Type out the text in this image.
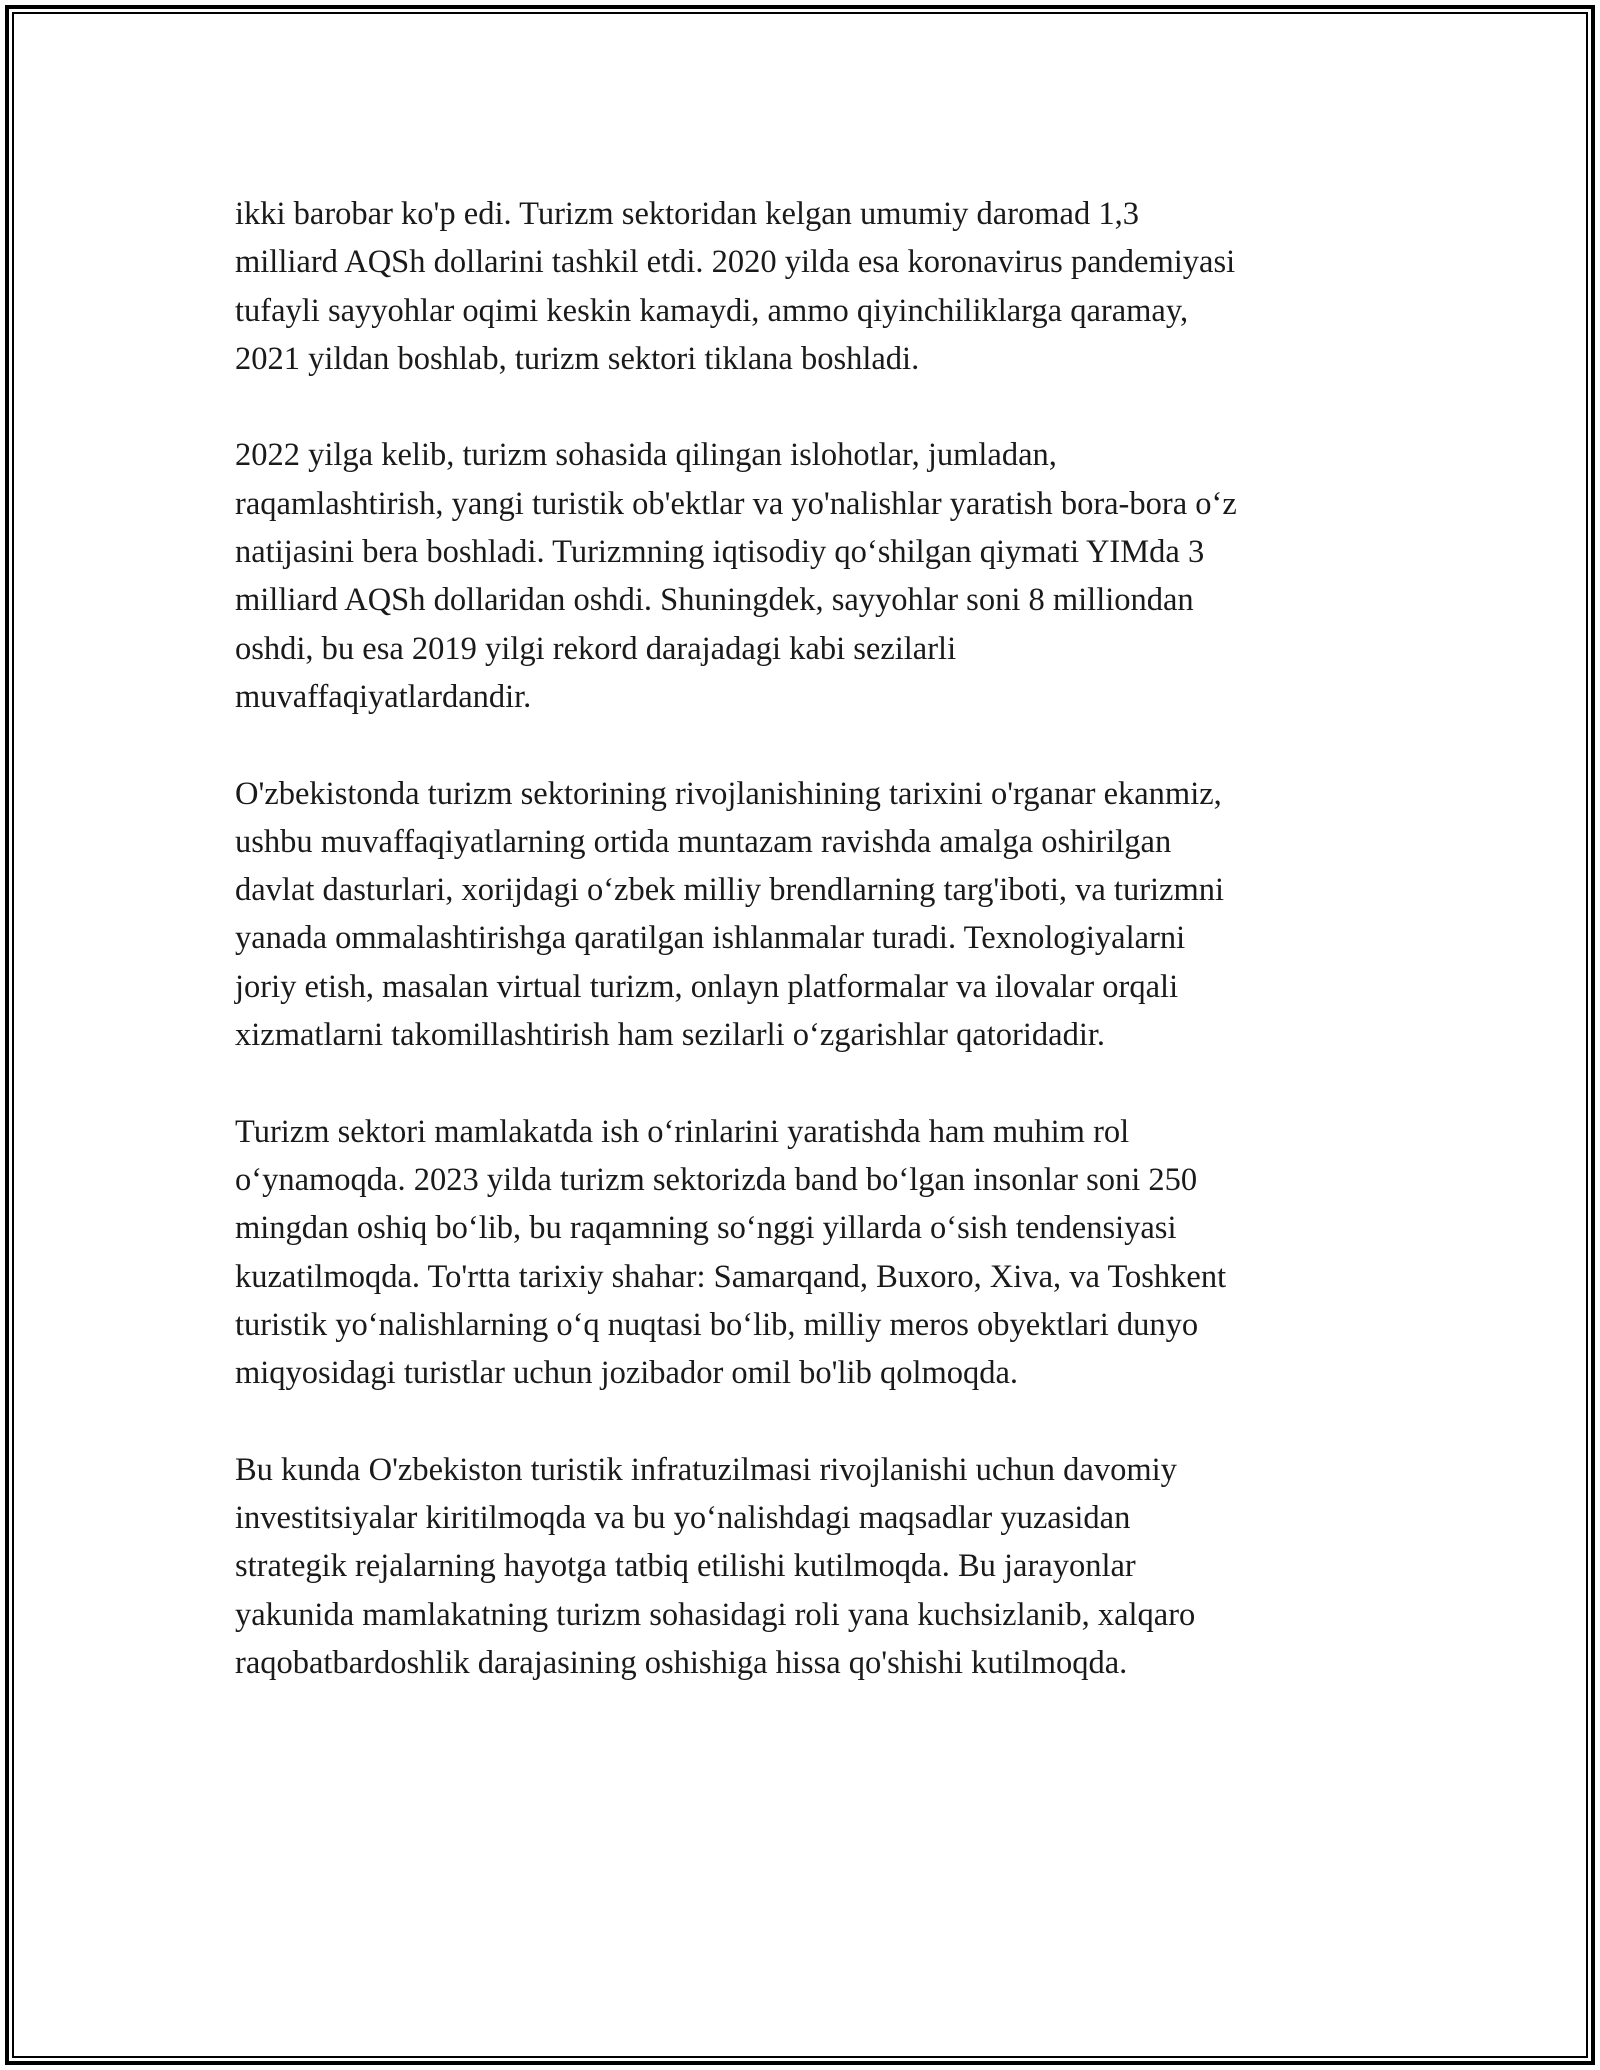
ikki barobar ko'p edi. Turizm sektoridan kelgan umumiy daromad 1,3
milliard AQSh dollarini tashkil etdi. 2020 yilda esa koronavirus pandemiyasi
tufayli sayyohlar oqimi keskin kamaydi, ammo qiyinchiliklarga qaramay,
2021 yildan boshlab, turizm sektori tiklana boshladi.

2022 yilga kelib, turizm sohasida qilingan islohotlar, jumladan,
raqamlashtirish, yangi turistik ob'ektlar va yo'nalishlar yaratish bora-bora o‘z
natijasini bera boshladi. Turizmning iqtisodiy qo‘shilgan qiymati YIMda 3
milliard AQSh dollaridan oshdi. Shuningdek, sayyohlar soni 8 milliondan
oshdi, bu esa 2019 yilgi rekord darajadagi kabi sezilarli
muvaffaqiyatlardandir.

O'zbekistonda turizm sektorining rivojlanishining tarixini o'rganar ekanmiz,
ushbu muvaffaqiyatlarning ortida muntazam ravishda amalga oshirilgan
davlat dasturlari, xorijdagi o‘zbek milliy brendlarning targ'iboti, va turizmni
yanada ommalashtirishga qaratilgan ishlanmalar turadi. Texnologiyalarni
joriy etish, masalan virtual turizm, onlayn platformalar va ilovalar orqali
xizmatlarni takomillashtirish ham sezilarli o‘zgarishlar qatoridadir.

Turizm sektori mamlakatda ish o‘rinlarini yaratishda ham muhim rol
o‘ynamoqda. 2023 yilda turizm sektorizda band bo‘lgan insonlar soni 250
mingdan oshiq bo‘lib, bu raqamning so‘nggi yillarda o‘sish tendensiyasi
kuzatilmoqda. To'rtta tarixiy shahar: Samarqand, Buxoro, Xiva, va Toshkent
turistik yo‘nalishlarning o‘q nuqtasi bo‘lib, milliy meros obyektlari dunyo
miqyosidagi turistlar uchun jozibador omil bo'lib qolmoqda.

Bu kunda O'zbekiston turistik infratuzilmasi rivojlanishi uchun davomiy
investitsiyalar kiritilmoqda va bu yo‘nalishdagi maqsadlar yuzasidan
strategik rejalarning hayotga tatbiq etilishi kutilmoqda. Bu jarayonlar
yakunida mamlakatning turizm sohasidagi roli yana kuchsizlanib, xalqaro
raqobatbardoshlik darajasining oshishiga hissa qo'shishi kutilmoqda.
